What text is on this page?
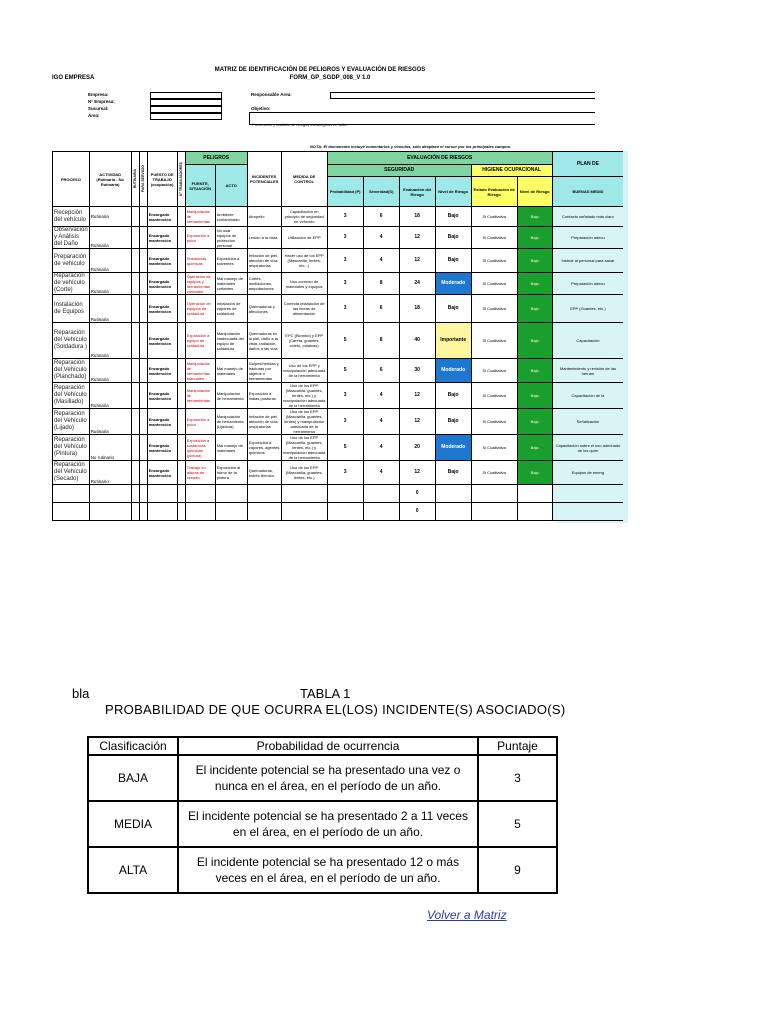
MATRIZ DE IDENTIFICACIÓN DE PELIGROS Y EVALUACIÓN DE RIESGOS
FORM_GP_SGDP_008_V 1.0
IGO EMPRESA
Empresa:
N° Empresa:
Sucursal:
Área:
Responsable Área:
Objetivo:
Prevención y análisis de riesgos estratégicos en taller
NOTA: El documento incluye comentarios y vínculos, sólo desplace el cursor por los principales campos.
PROCESO	ACTIVIDAD (Rutinaria - No Rutinaria)	RUTINARIA	PARA SERVICIO	PUESTO DE TRABAJO (ocupación)	N° TRABAJADORES	PELIGROS		INCIDENTES POTENCIALES	MEDIDA DE CONTROL	EVALUACIÓN DE RIESGOS						PLAN DE
						FUENTE, SITUACIÓN	ACTO			SEGURIDAD				HIGIENE OCUPACIONAL		
										Probabilidad (P)	Severidad(S)	Evaluación del Riesgo	Nivel de Riesgo	Estado Evaluación de Riesgo	Nivel de Riesgo	BUENAS MEDID
Recepción del vehículo	Rutinaria			Encargado mantención		Manipulación de herramientas	Ambiente contaminado	Atropello	Capacitación en principio de seguridad en vehículo	3	6	18	Bajo	Si Cualitativa	Bajo	Contacto señalado más claro
Observación y Análisis del Daño	Rutinaria			Encargado mantención		Exposición a polvo	No usar equipos de protección personal	Lesión a la vista	Utilización de EPP	3	4	12	Bajo	Si Cualitativa	Bajo	Preparación adecu
Preparación de vehículo	Rutinaria			Encargado mantención		Sustancias químicas	Exposición a solventes	Irritación de piel, afección de vías respiratorias	Hacer uso de los EPP (Mascarilla, lentes, etc...)	3	4	12	Bajo	Si Cualitativa	Bajo	Instruir al personal para sacar
Reparación de vehículo (Corte)	Rutinaria			Encargado mantención		Operación de equipos y herramientas cortantes	Mal manejo de materiales cortantes	Cortes, mutilaciones, amputaciones	Uso correcto de materiales y equipos	3	8	24	Moderado	Si Cualitativa	Bajo	Preparación adecu
Instalación de Equipos	Rutinaria			Encargado mantención		Operación de equipos de soldadura	Inhalación de vapores de soldadura	Quemaduras y afecciones	Correcta instalación de las líneas de alimentación	3	6	18	Bajo	Si Cualitativa	Bajo	EPP (Guantes, etc.)
Reparación del Vehículo (Soldadura )	Rutinaria			Encargado mantención		Exposición a equipo de soldadura	Manipulación inadecuada del equipo de soldadura	Quemaduras en la piel, daño a la vista, radiación, daños a las vías	EPC (Biombo) y EPP (Careta, guantes, coleto, polainas)	5	8	40	Importante	Si Cualitativa	Bajo	Capacitación
Reparación del Vehículo (Planchado)	Rutinaria			Encargado mantención		Manipulación de herramientas manuales	Mal manejo de materiales	Golpes/heridas y fracturas por objetos o herramientas	Uso de los EPP y manipulación adecuada de la herramienta	5	6	30	Moderado	Si Cualitativa	Bajo	Mantenimiento y revisión de las herram
Reparación del Vehículo (Masillado)	Rutinaria			Encargado mantención		Manipulación de herramientas	Manipulación de herramienta	Exposición a malas posturas	Uso de los EPP (Mascarilla, guantes, lentes, etc.) y manipulación adecuada de la herramienta	3	4	12	Bajo	Si Cualitativa	Bajo	Capacitación de la
Reparación del Vehículo (Lijado)	Rutinaria			Encargado mantención		Exposición a polvo	Manipulación de herramienta (Lijadora)	Irritación de piel, afección de vías respiratorias	Uso de los EPP (Mascarilla, guantes, lentes) y manipulación adecuada de la herramienta	3	4	12	Bajo	Si Cualitativa	Bajo	Señalización
Reparación del Vehículo (Pintura)	No rutinario			Encargado mantención		Exposición a sustancias químicas (pintura)	Mal manejo de materiales	Exposición a vapores, agentes químicos	Uso de los EPP (Mascarilla, guantes, lentes, etc.) y manipulación adecuada de la herramienta	5	4	20	Moderado	Si Cualitativa	Bajo	Capacitación sobre el uso adecuado de los quím
Reparación del Vehículo (Secado)	Rutinario			Encargado mantención		Trabajo en alturas de secado	Exposición al horno de la pintura	Quemaduras, estrés térmico	Uso de los EPP (Mascarilla, guantes, lentes, etc.)	3	4	12	Bajo	Si Cualitativa	Bajo	Equipos de emerg
												0				
												0				
bla	TABLA 1
PROBABILIDAD DE QUE OCURRA EL(LOS) INCIDENTE(S) ASOCIADO(S)
Clasificación	Probabilidad de ocurrencia	Puntaje
BAJA	El incidente potencial se ha presentado una vez o nunca en el área, en el período de un año.	3
MEDIA	El incidente potencial se ha presentado 2 a 11 veces en el área, en el período de un año.	5
ALTA	El incidente potencial se ha presentado 12 o más veces en el área, en el período de un año.	9
Volver a Matriz
